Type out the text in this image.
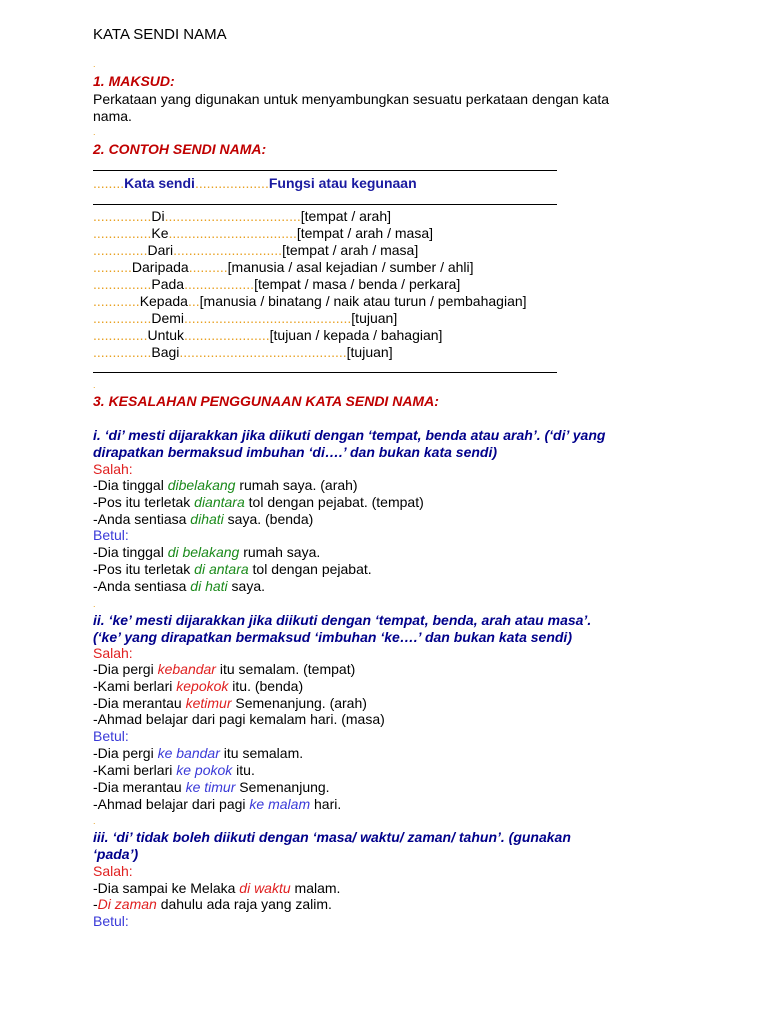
KATA SENDI NAMA
.
1. MAKSUD:
Perkataan yang digunakan untuk menyambungkan sesuatu perkataan dengan kata
nama.
.
2. CONTOH SENDI NAMA:
........Kata sendi...................Fungsi atau kegunaan
...............Di...................................[tempat / arah]
...............Ke.................................[tempat / arah / masa]
..............Dari............................[tempat / arah / masa]
..........Daripada..........[manusia / asal kejadian / sumber / ahli]
...............Pada..................[tempat / masa / benda / perkara]
............Kepada...[manusia / binatang / naik atau turun / pembahagian]
...............Demi...........................................[tujuan]
..............Untuk......................[tujuan / kepada / bahagian]
...............Bagi...........................................[tujuan]
.
3. KESALAHAN PENGGUNAAN KATA SENDI NAMA:
i. ‘di’ mesti dijarakkan jika diikuti dengan ‘tempat, benda atau arah’. (‘di’ yang
dirapatkan bermaksud imbuhan ‘di….’ dan bukan kata sendi)
Salah:
-Dia tinggal dibelakang rumah saya. (arah)
-Pos itu terletak diantara tol dengan pejabat. (tempat)
-Anda sentiasa dihati saya. (benda)
Betul:
-Dia tinggal di belakang rumah saya.
-Pos itu terletak di antara tol dengan pejabat.
-Anda sentiasa di hati saya.
.
ii. ‘ke’ mesti dijarakkan jika diikuti dengan ‘tempat, benda, arah atau masa’.
(‘ke’ yang dirapatkan bermaksud ‘imbuhan ‘ke….’ dan bukan kata sendi)
Salah:
-Dia pergi kebandar itu semalam. (tempat)
-Kami berlari kepokok itu. (benda)
-Dia merantau ketimur Semenanjung. (arah)
-Ahmad belajar dari pagi kemalam hari. (masa)
Betul:
-Dia pergi ke bandar itu semalam.
-Kami berlari ke pokok itu.
-Dia merantau ke timur Semenanjung.
-Ahmad belajar dari pagi ke malam hari.
.
iii. ‘di’ tidak boleh diikuti dengan ‘masa/ waktu/ zaman/ tahun’. (gunakan
‘pada’)
Salah:
-Dia sampai ke Melaka di waktu malam.
-Di zaman dahulu ada raja yang zalim.
Betul:
